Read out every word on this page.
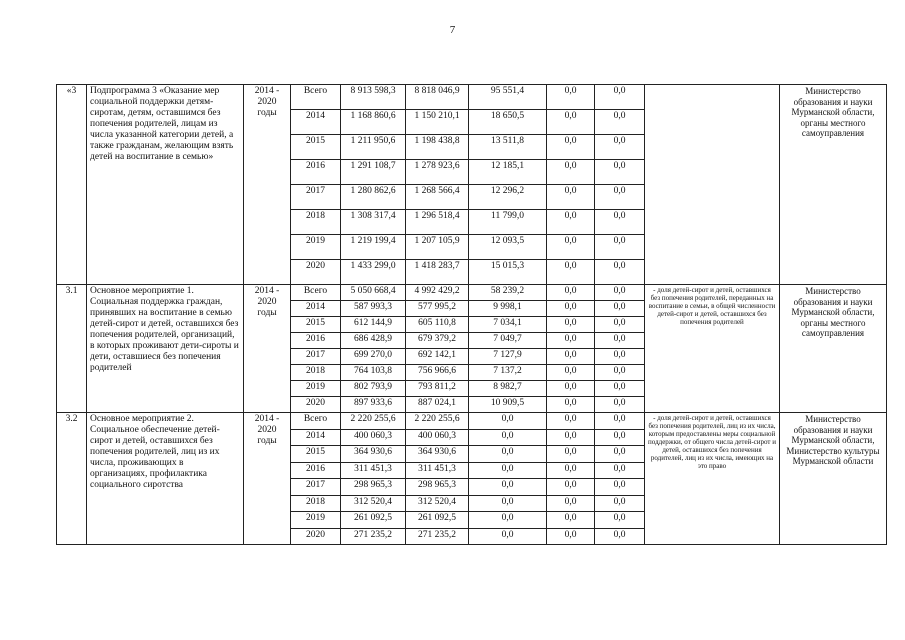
7
«3	Подпрограмма 3 «Оказание мер социальной поддержки детям-сиротам, детям, оставшимся без попечения родителей, лицам из числа указанной категории детей, а также гражданам, желающим взять детей на воспитание в семью»	2014 - 2020 годы	Всего	8 913 598,3	8 818 046,9	95 551,4	0,0	0,0		Министерство образования и науки Мурманской области, органы местного самоуправления
			2014	1 168 860,6	1 150 210,1	18 650,5	0,0	0,0		
			2015	1 211 950,6	1 198 438,8	13 511,8	0,0	0,0		
			2016	1 291 108,7	1 278 923,6	12 185,1	0,0	0,0		
			2017	1 280 862,6	1 268 566,4	12 296,2	0,0	0,0		
			2018	1 308 317,4	1 296 518,4	11 799,0	0,0	0,0		
			2019	1 219 199,4	1 207 105,9	12 093,5	0,0	0,0		
			2020	1 433 299,0	1 418 283,7	15 015,3	0,0	0,0		
3.1	Основное мероприятие 1. Социальная поддержка граждан, принявших на воспитание в семью детей-сирот и детей, оставшихся без попечения родителей, организаций, в которых проживают дети-сироты и дети, оставшиеся без попечения родителей	2014 - 2020 годы	Всего	5 050 668,4	4 992 429,2	58 239,2	0,0	0,0	- доля детей-сирот и детей, оставшихся без попечения родителей, переданных на воспитание в семьи, в общей численности детей-сирот и детей, оставшихся без попечения родителей	Министерство образования и науки Мурманской области, органы местного самоуправления
			2014	587 993,3	577 995,2	9 998,1	0,0	0,0		
			2015	612 144,9	605 110,8	7 034,1	0,0	0,0		
			2016	686 428,9	679 379,2	7 049,7	0,0	0,0		
			2017	699 270,0	692 142,1	7 127,9	0,0	0,0		
			2018	764 103,8	756 966,6	7 137,2	0,0	0,0		
			2019	802 793,9	793 811,2	8 982,7	0,0	0,0		
			2020	897 933,6	887 024,1	10 909,5	0,0	0,0		
3.2	Основное мероприятие 2. Социальное обеспечение детей-сирот и детей, оставшихся без попечения родителей, лиц из их числа, проживающих в организациях, профилактика социального сиротства	2014 - 2020 годы	Всего	2 220 255,6	2 220 255,6	0,0	0,0	0,0	- доля детей-сирот и детей, оставшихся без попечения родителей, лиц из их числа, которым предоставлены меры социальной поддержки, от общего числа детей-сирот и детей, оставшихся без попечения родителей, лиц из их числа, имеющих на это право	Министерство образования и науки Мурманской области, Министерство культуры Мурманской области
			2014	400 060,3	400 060,3	0,0	0,0	0,0		
			2015	364 930,6	364 930,6	0,0	0,0	0,0		
			2016	311 451,3	311 451,3	0,0	0,0	0,0		
			2017	298 965,3	298 965,3	0,0	0,0	0,0		
			2018	312 520,4	312 520,4	0,0	0,0	0,0		
			2019	261 092,5	261 092,5	0,0	0,0	0,0		
			2020	271 235,2	271 235,2	0,0	0,0	0,0		
